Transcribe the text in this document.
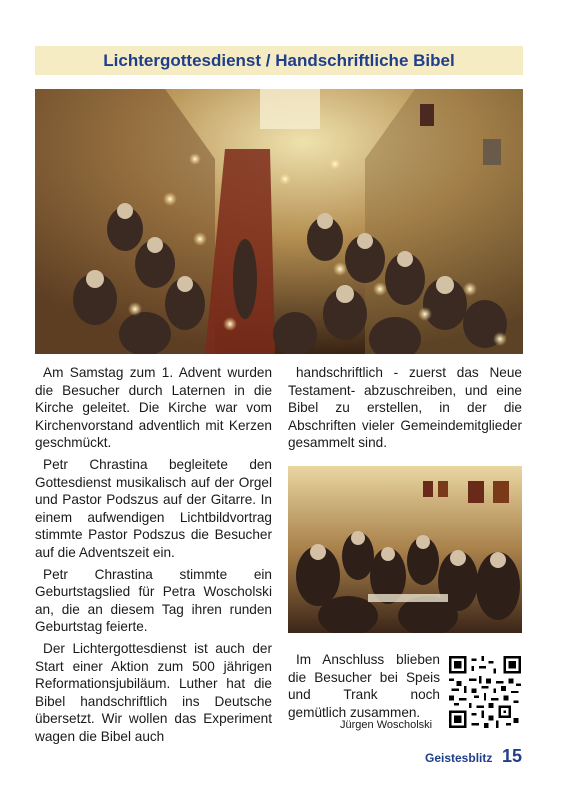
Lichtergottesdienst / Handschriftliche Bibel

Am Samstag zum 1. Advent wurden die Besucher durch Laternen in die Kirche geleitet. Die Kirche war vom Kirchenvorstand adventlich mit Kerzen geschmückt.

Petr Chrastina begleitete den Gottesdienst musikalisch auf der Orgel und Pastor Podszus auf der Gitarre. In einem aufwendigen Lichtbildvortrag stimmte Pastor Podszus die Besucher auf die Adventszeit ein.

Petr Chrastina stimmte ein Geburtstagslied für Petra Woscholski an, die an diesem Tag ihren runden Geburtstag feierte.

Der Lichtergottesdienst ist auch der Start einer Aktion zum 500 jährigen Reformationsjubiläum. Luther hat die Bibel handschriftlich ins Deutsche übersetzt. Wir wollen das Experiment wagen die Bibel auch

handschriftlich - zuerst das Neue Testament- abzuschreiben, und eine Bibel zu erstellen, in der die Abschriften vieler Gemeindemitglieder gesammelt sind.

Im Anschluss blieben die Besucher bei Speis und Trank noch gemütlich zusammen.

Jürgen Woscholski
Geistesblitz 15
